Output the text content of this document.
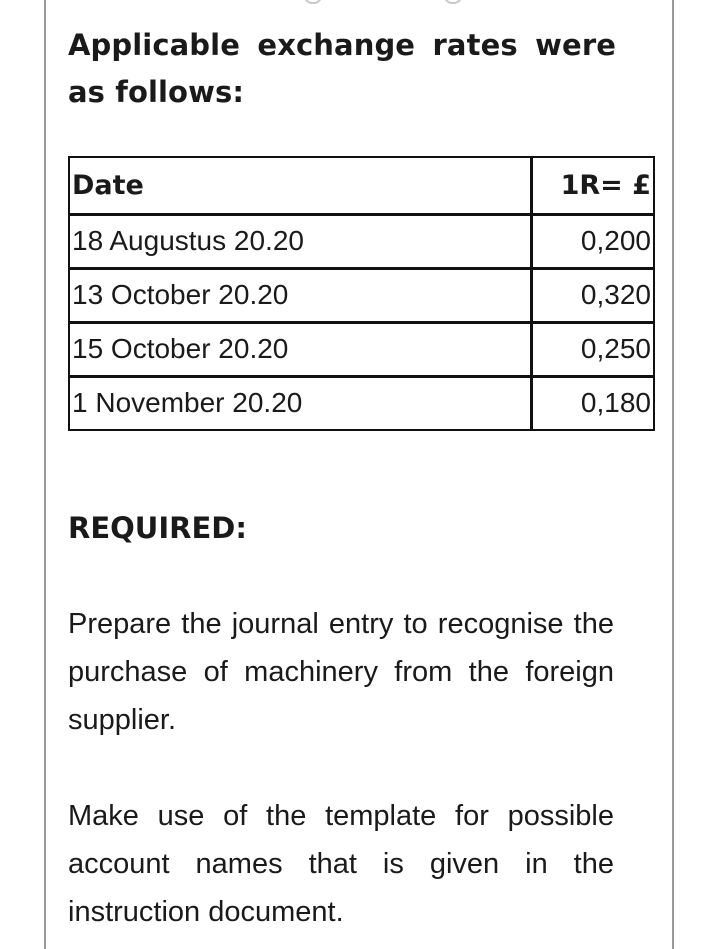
Applicable exchange rates were as follows:

Date	1R= £
18 Augustus 20.20	0,200
13 October 20.20	0,320
15 October 20.20	0,250
1 November 20.20	0,180

REQUIRED:

Prepare the journal entry to recognise the purchase of machinery from the foreign supplier.

Make use of the template for possible account names that is given in the instruction document.
